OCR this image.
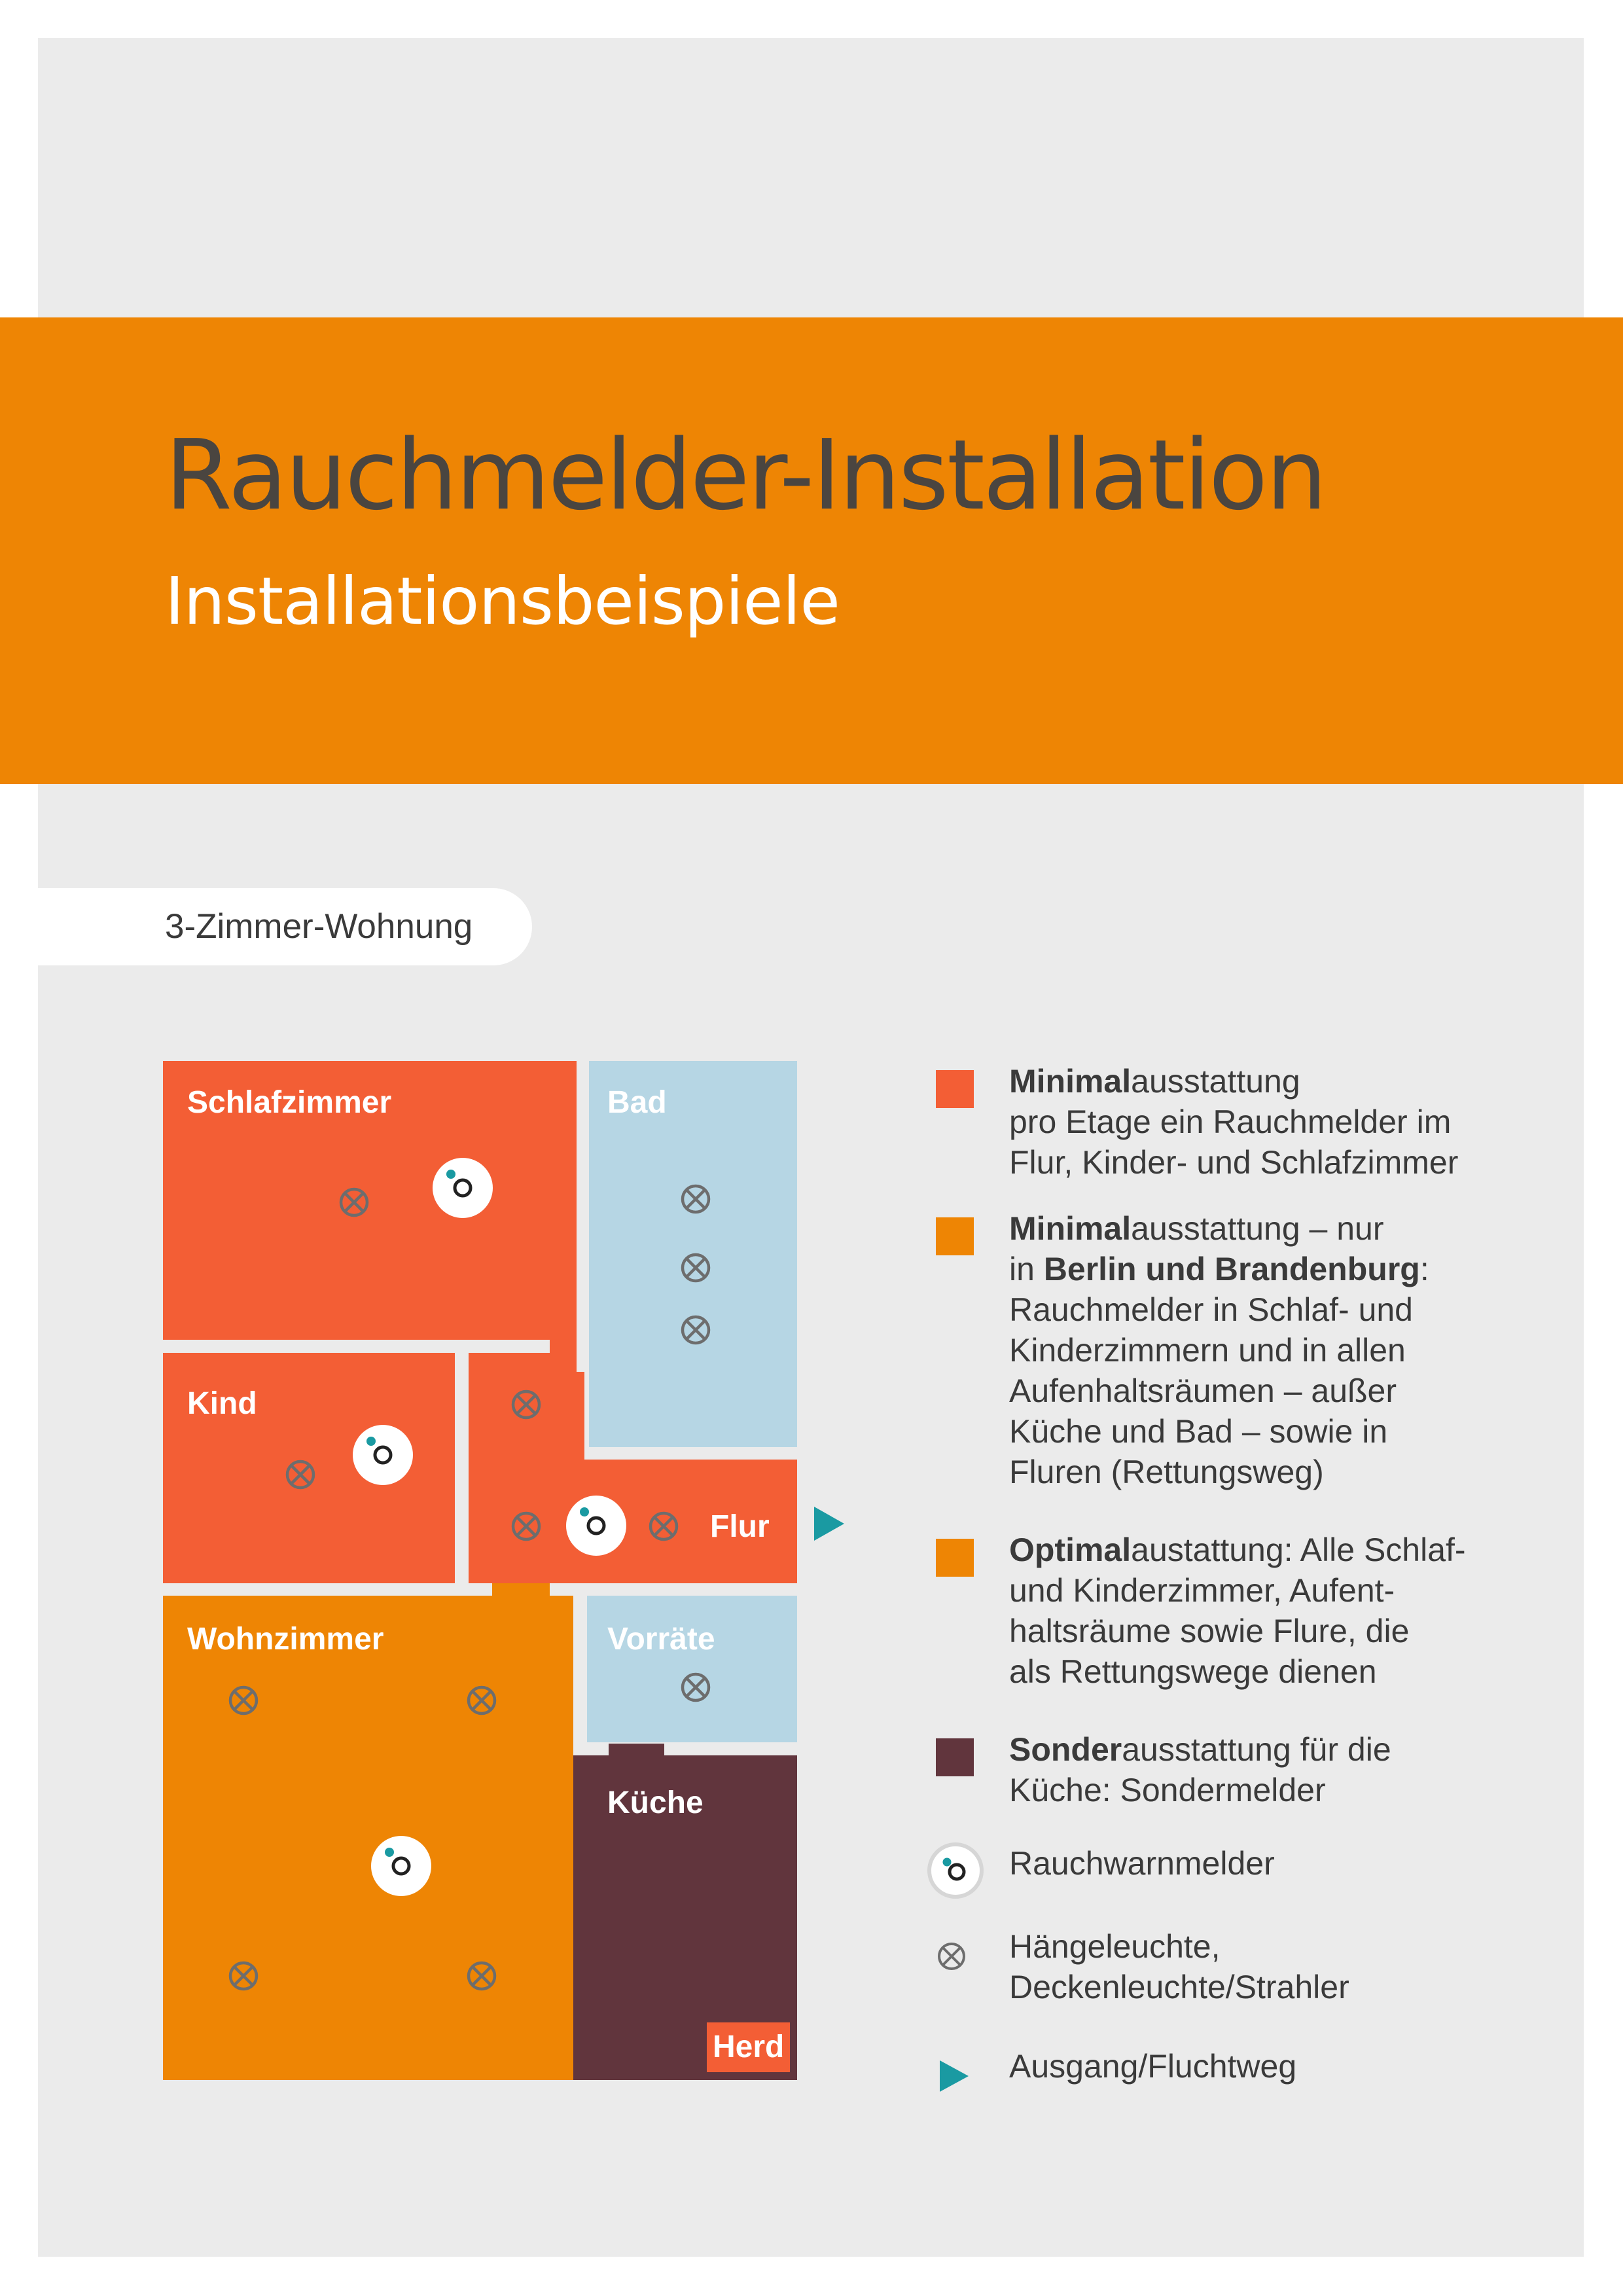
Rauchmelder-Installation
Installationsbeispiele
3-Zimmer-Wohnung
Schlafzimmer	Bad
Kind
Flur
Wohnzimmer	Vorräte
Küche
Herd
Minimalausstattung
pro Etage ein Rauchmelder im
Flur, Kinder- und Schlafzimmer
Minimalausstattung – nur
in Berlin und Brandenburg:
Rauchmelder in Schlaf- und
Kinderzimmern und in allen
Aufenhaltsräumen – außer
Küche und Bad – sowie in
Fluren (Rettungsweg)
Optimalaustattung: Alle Schlaf-
und Kinderzimmer, Aufent-
haltsräume sowie Flure, die
als Rettungswege dienen
Sonderausstattung für die
Küche: Sondermelder
Rauchwarnmelder
Hängeleuchte,
Deckenleuchte/Strahler
Ausgang/Fluchtweg
